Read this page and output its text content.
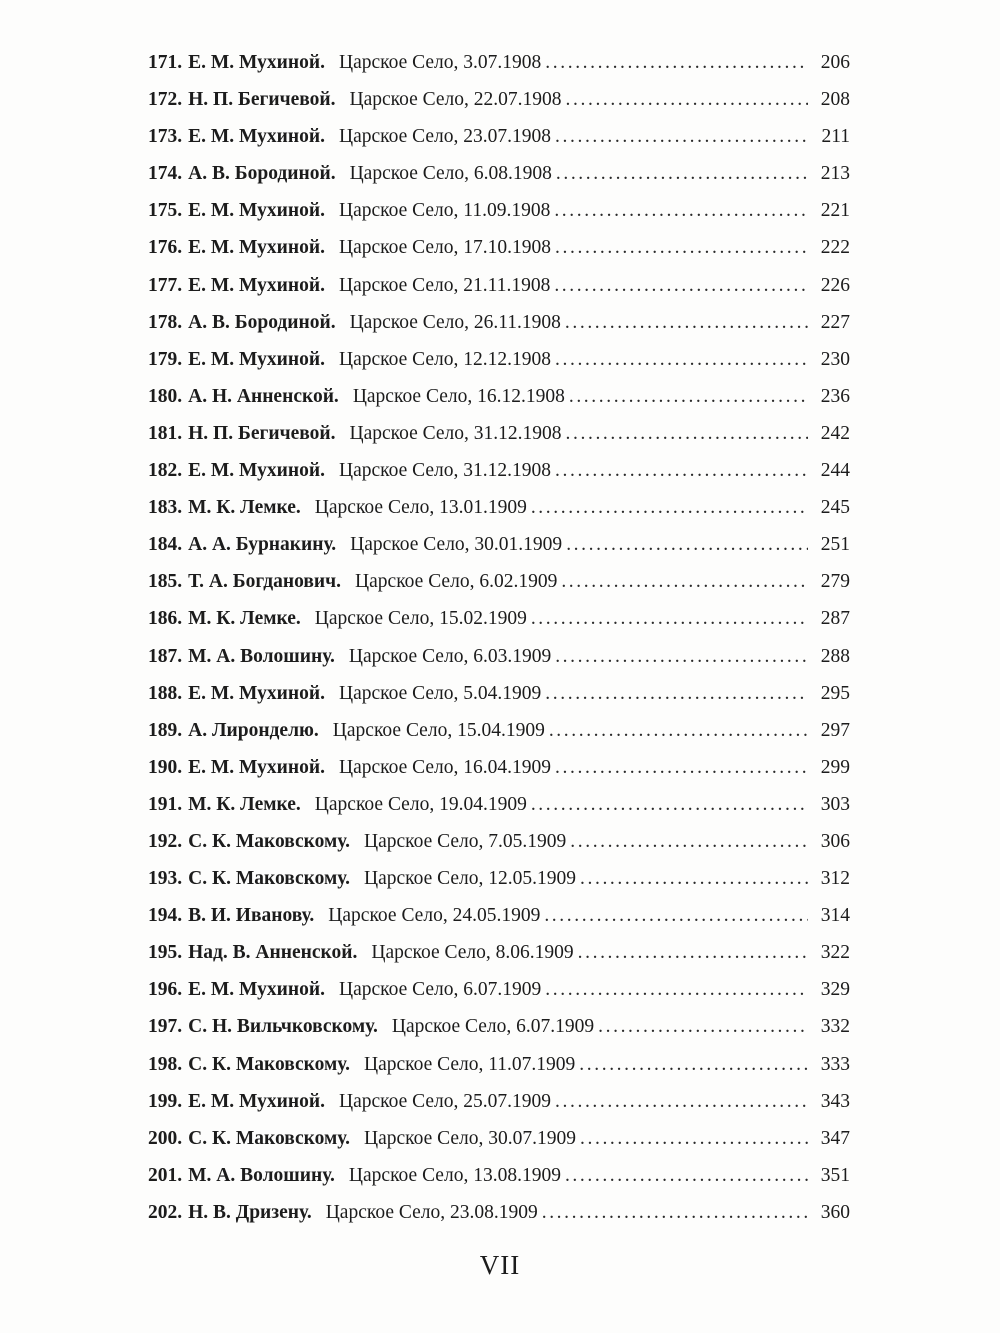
171. Е. М. Мухиной. Царское Село, 3.07.1908 .....	206
172. Н. П. Бегичевой. Царское Село, 22.07.1908 .....	208
173. Е. М. Мухиной. Царское Село, 23.07.1908 .....	211
174. А. В. Бородиной. Царское Село, 6.08.1908 .....	213
175. Е. М. Мухиной. Царское Село, 11.09.1908 .....	221
176. Е. М. Мухиной. Царское Село, 17.10.1908 .....	222
177. Е. М. Мухиной. Царское Село, 21.11.1908 .....	226
178. А. В. Бородиной. Царское Село, 26.11.1908 .....	227
179. Е. М. Мухиной. Царское Село, 12.12.1908 .....	230
180. А. Н. Анненской. Царское Село, 16.12.1908 .....	236
181. Н. П. Бегичевой. Царское Село, 31.12.1908 .....	242
182. Е. М. Мухиной. Царское Село, 31.12.1908 .....	244
183. М. К. Лемке. Царское Село, 13.01.1909 .....	245
184. А. А. Бурнакину. Царское Село, 30.01.1909 .....	251
185. Т. А. Богданович. Царское Село, 6.02.1909 .....	279
186. М. К. Лемке. Царское Село, 15.02.1909 .....	287
187. М. А. Волошину. Царское Село, 6.03.1909 .....	288
188. Е. М. Мухиной. Царское Село, 5.04.1909 .....	295
189. А. Лиронделю. Царское Село, 15.04.1909 .....	297
190. Е. М. Мухиной. Царское Село, 16.04.1909 .....	299
191. М. К. Лемке. Царское Село, 19.04.1909 .....	303
192. С. К. Маковскому. Царское Село, 7.05.1909 .....	306
193. С. К. Маковскому. Царское Село, 12.05.1909 .....	312
194. В. И. Иванову. Царское Село, 24.05.1909 .....	314
195. Над. В. Анненской. Царское Село, 8.06.1909 .....	322
196. Е. М. Мухиной. Царское Село, 6.07.1909 .....	329
197. С. Н. Вильчковскому. Царское Село, 6.07.1909 .....	332
198. С. К. Маковскому. Царское Село, 11.07.1909 .....	333
199. Е. М. Мухиной. Царское Село, 25.07.1909 .....	343
200. С. К. Маковскому. Царское Село, 30.07.1909 .....	347
201. М. А. Волошину. Царское Село, 13.08.1909 .....	351
202. Н. В. Дризену. Царское Село, 23.08.1909 .....	360
VII
